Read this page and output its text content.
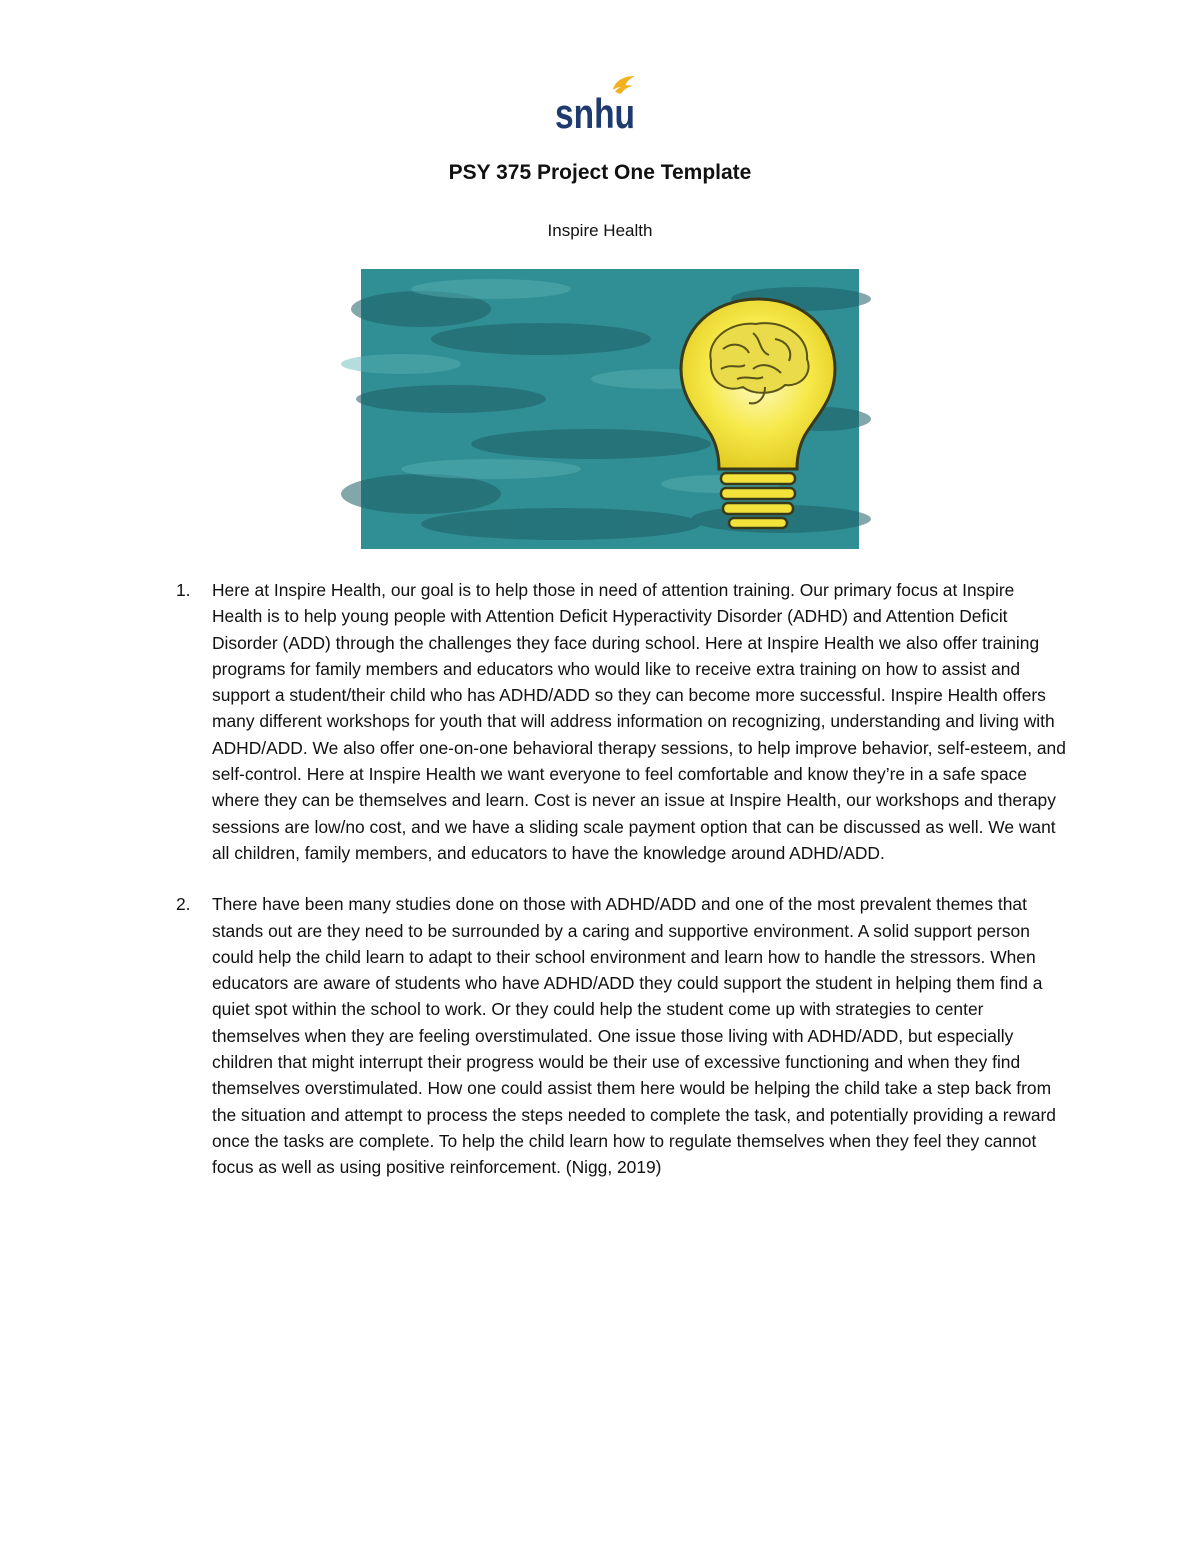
snhu
PSY 375 Project One Template

Inspire Health

1.	Here at Inspire Health, our goal is to help those in need of attention training. Our primary focus at Inspire Health is to help young people with Attention Deficit Hyperactivity Disorder (ADHD) and Attention Deficit Disorder (ADD) through the challenges they face during school. Here at Inspire Health we also offer training programs for family members and educators who would like to receive extra training on how to assist and support a student/their child who has ADHD/ADD so they can become more successful. Inspire Health offers many different workshops for youth that will address information on recognizing, understanding and living with ADHD/ADD. We also offer one-on-one behavioral therapy sessions, to help improve behavior, self-esteem, and self-control. Here at Inspire Health we want everyone to feel comfortable and know they’re in a safe space where they can be themselves and learn. Cost is never an issue at Inspire Health, our workshops and therapy sessions are low/no cost, and we have a sliding scale payment option that can be discussed as well. We want all children, family members, and educators to have the knowledge around ADHD/ADD.
2.	There have been many studies done on those with ADHD/ADD and one of the most prevalent themes that stands out are they need to be surrounded by a caring and supportive environment. A solid support person could help the child learn to adapt to their school environment and learn how to handle the stressors. When educators are aware of students who have ADHD/ADD they could support the student in helping them find a quiet spot within the school to work. Or they could help the student come up with strategies to center themselves when they are feeling overstimulated. One issue those living with ADHD/ADD, but especially children that might interrupt their progress would be their use of excessive functioning and when they find themselves overstimulated. How one could assist them here would be helping the child take a step back from the situation and attempt to process the steps needed to complete the task, and potentially providing a reward once the tasks are complete. To help the child learn how to regulate themselves when they feel they cannot focus as well as using positive reinforcement. (Nigg, 2019)
